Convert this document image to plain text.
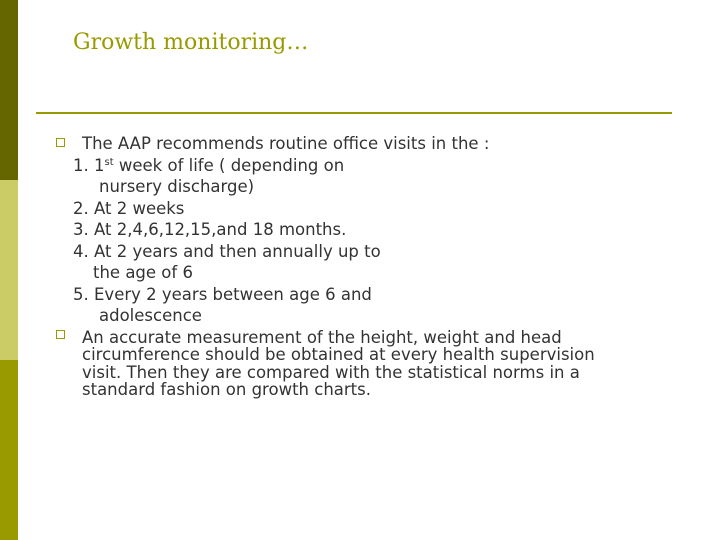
Growth monitoring…
The AAP recommends routine office visits in the :
1. 1st week of life ( depending on
nursery discharge)
2. At 2 weeks
3. At 2,4,6,12,15,and 18 months.
4. At 2 years and then annually up to
the age of 6
5. Every 2 years between age 6 and
adolescence
An accurate measurement of the height, weight and head
circumference should be obtained at every health supervision
visit. Then they are compared with the statistical norms in a
standard fashion on growth charts.
